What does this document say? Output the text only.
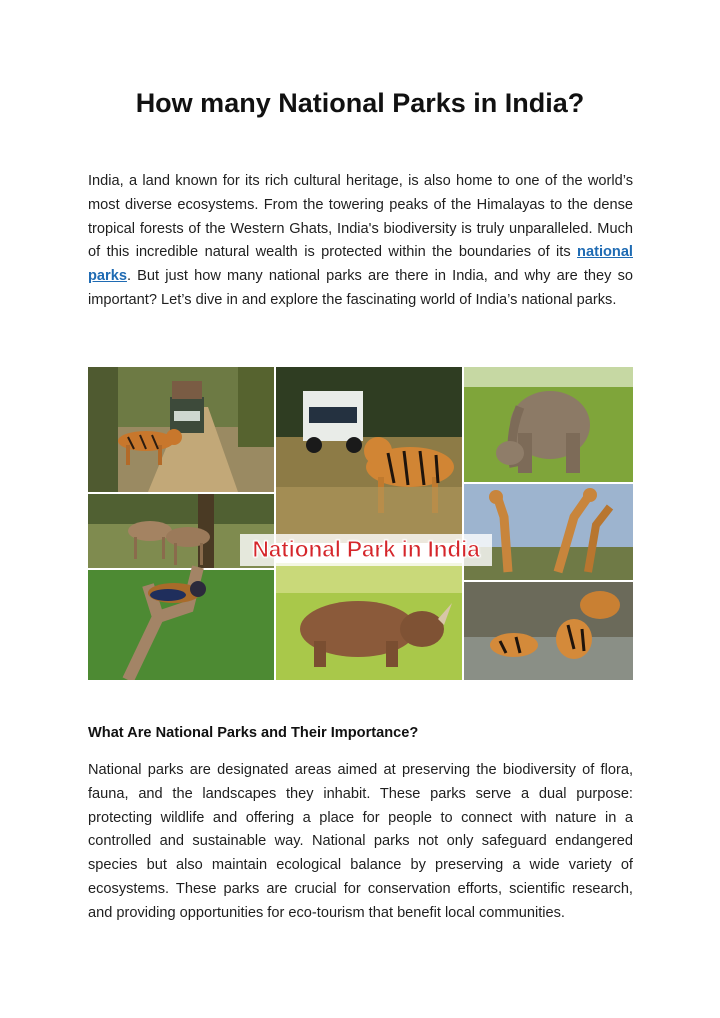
How many National Parks in India?

India, a land known for its rich cultural heritage, is also home to one of the world’s most diverse ecosystems. From the towering peaks of the Himalayas to the dense tropical forests of the Western Ghats, India's biodiversity is truly unparalleled. Much of this incredible natural wealth is protected within the boundaries of its national parks. But just how many national parks are there in India, and why are they so important? Let’s dive in and explore the fascinating world of India’s national parks.

National Park in India
What Are National Parks and Their Importance?

National parks are designated areas aimed at preserving the biodiversity of flora, fauna, and the landscapes they inhabit. These parks serve a dual purpose: protecting wildlife and offering a place for people to connect with nature in a controlled and sustainable way. National parks not only safeguard endangered species but also maintain ecological balance by preserving a wide variety of ecosystems. These parks are crucial for conservation efforts, scientific research, and providing opportunities for eco-tourism that benefit local communities.
